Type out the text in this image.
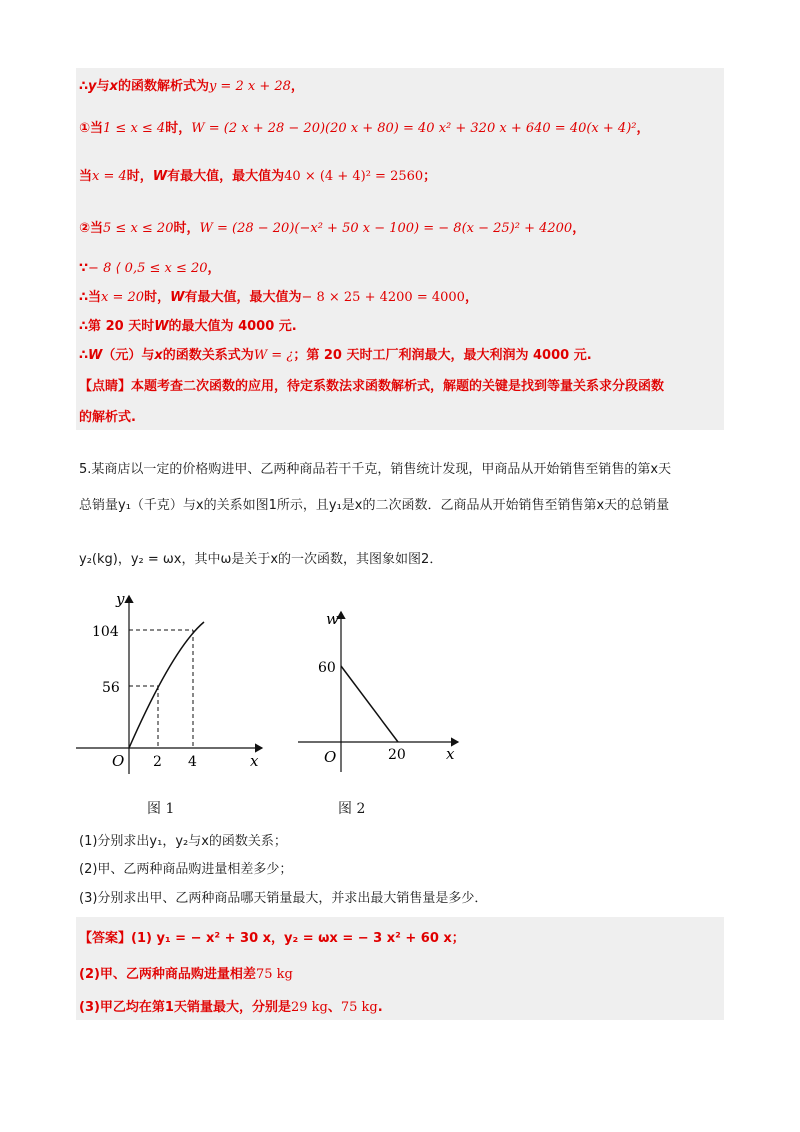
∴y与x的函数解析式为y = 2 x + 28，
①当1 ≤ x ≤ 4时，W = (2 x + 28 − 20)(20 x + 80) = 40 x² + 320 x + 640 = 40(x + 4)²，
当x = 4时，W有最大值，最大值为40 × (4 + 4)² = 2560；
②当5 ≤ x ≤ 20时，W = (28 − 20)(−x² + 50 x − 100) = − 8(x − 25)² + 4200，
∵− 8 ⟨ 0,5 ≤ x ≤ 20，
∴当x = 20时，W有最大值，最大值为− 8 × 25 + 4200 = 4000，
∴第 20 天时W的最大值为 4000 元.
∴W（元）与x的函数关系式为W = ¿；第 20 天时工厂利润最大，最大利润为 4000 元.
【点睛】本题考查二次函数的应用，待定系数法求函数解析式，解题的关键是找到等量关系求分段函数
的解析式.
5.某商店以一定的价格购进甲、乙两种商品若干千克，销售统计发现，甲商品从开始销售至销售的第x天
总销量y₁（千克）与x的关系如图1所示，且y₁是x的二次函数．乙商品从开始销售至销售第x天的总销量
y₂(kg)，y₂ = ωx，其中ω是关于x的一次函数，其图象如图2．
y
104
56
O 2 4	x
图 1
w
60
O	20	x
图 2
(1)分别求出y₁，y₂与x的函数关系；
(2)甲、乙两种商品购进量相差多少；
(3)分别求出甲、乙两种商品哪天销量最大，并求出最大销售量是多少．
【答案】(1) y₁ = − x² + 30 x，y₂ = ωx = − 3 x² + 60 x；
(2)甲、乙两种商品购进量相差75 kg
(3)甲乙均在第1天销量最大，分别是29 kg、75 kg.
